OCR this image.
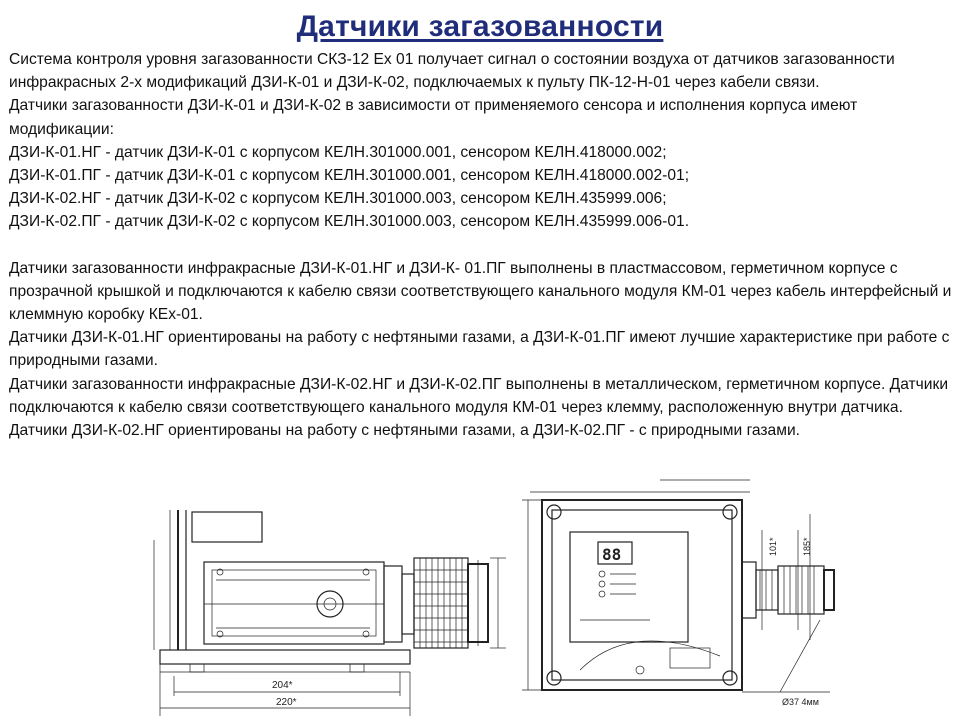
Датчики загазованности

Система контроля уровня загазованности СКЗ-12 Ех 01 получает сигнал о состоянии воздуха от датчиков загазованности инфракрасных 2-х модификаций ДЗИ-К-01 и ДЗИ-К-02, подключаемых к пульту ПК-12-Н-01 через кабели связи.

Датчики загазованности ДЗИ-К-01 и ДЗИ-К-02 в зависимости от применяемого сенсора и исполнения корпуса имеют модификации:

ДЗИ-К-01.НГ - датчик ДЗИ-К-01 с корпусом КЕЛН.301000.001, сенсором КЕЛН.418000.002;

ДЗИ-К-01.ПГ - датчик ДЗИ-К-01 с корпусом КЕЛН.301000.001, сенсором КЕЛН.418000.002-01;

ДЗИ-К-02.НГ - датчик ДЗИ-К-02 с корпусом КЕЛН.301000.003, сенсором КЕЛН.435999.006;

ДЗИ-К-02.ПГ - датчик ДЗИ-К-02 с корпусом КЕЛН.301000.003, сенсором КЕЛН.435999.006-01.

Датчики загазованности инфракрасные ДЗИ-К-01.НГ и ДЗИ-К- 01.ПГ выполнены в пластмассовом, герметичном корпусе с прозрачной крышкой и подключаются к кабелю связи соответствующего канального модуля КМ-01 через кабель интерфейсный и клеммную коробку КЕх-01.

Датчики ДЗИ-К-01.НГ ориентированы на работу с нефтяными газами, а ДЗИ-К-01.ПГ имеют лучшие характеристике при работе с природными газами.

Датчики загазованности инфракрасные ДЗИ-К-02.НГ и ДЗИ-К-02.ПГ выполнены в металлическом, герметичном корпусе. Датчики подключаются к кабелю связи соответствующего канального модуля КМ-01 через клемму, расположенную внутри датчика. Датчики ДЗИ-К-02.НГ ориентированы на работу с нефтяными газами, а ДЗИ-К-02.ПГ - с природными газами.

204*
220*
88	101*	185*
Ø37 4мм
